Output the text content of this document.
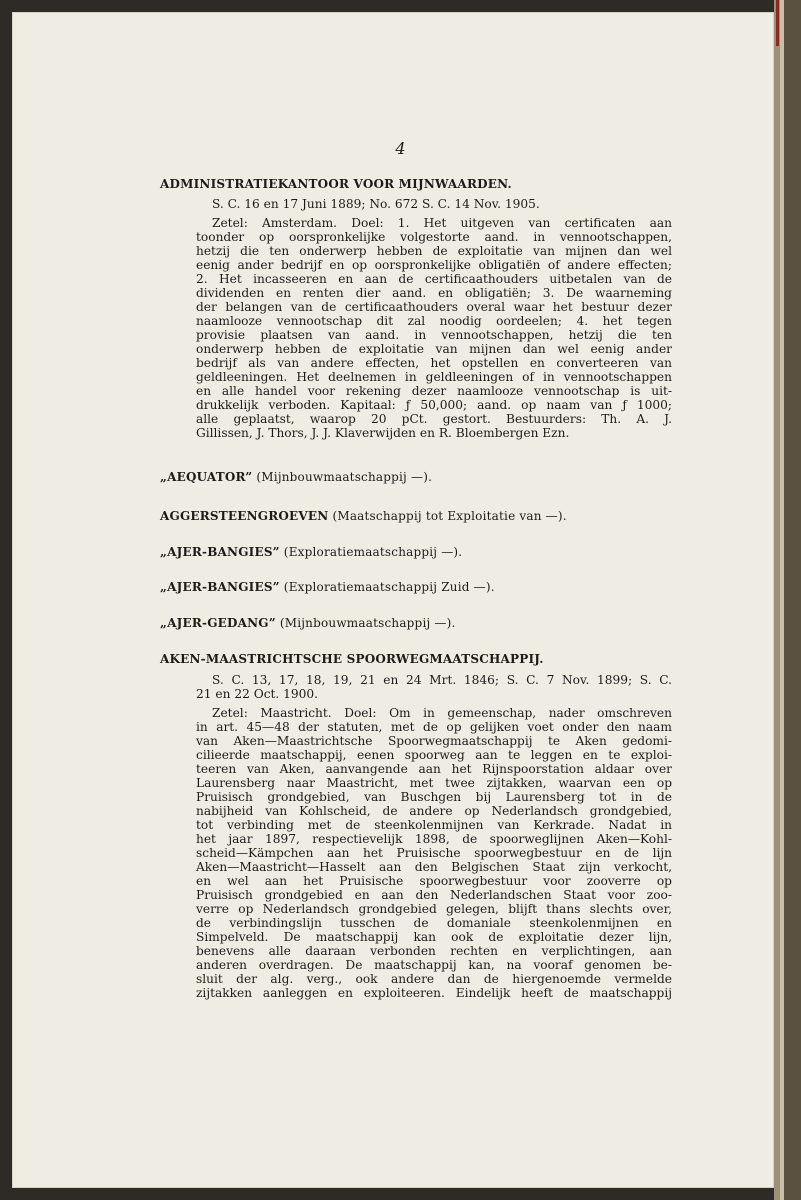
4
ADMINISTRATIEKANTOOR VOOR MIJNWAARDEN.
S. C. 16 en 17 Juni 1889; No. 672 S. C. 14 Nov. 1905.
Zetel: Amsterdam. Doel: 1. Het uitgeven van certificaten aan
toonder op oorspronkelijke volgestorte aand. in vennootschappen,
hetzij die ten onderwerp hebben de exploitatie van mijnen dan wel
eenig ander bedrijf en op oorspronkelijke obligatiën of andere effecten;
2. Het incasseeren en aan de certificaathouders uitbetalen van de
dividenden en renten dier aand. en obligatiën; 3. De waarneming
der belangen van de certificaathouders overal waar het bestuur dezer
naamlooze vennootschap dit zal noodig oordeelen; 4. het tegen
provisie plaatsen van aand. in vennootschappen, hetzij die ten
onderwerp hebben de exploitatie van mijnen dan wel eenig ander
bedrijf als van andere effecten, het opstellen en converteeren van
geldleeningen. Het deelnemen in geldleeningen of in vennootschappen
en alle handel voor rekening dezer naamlooze vennootschap is uit-
drukkelijk verboden. Kapitaal: ƒ 50,000; aand. op naam van ƒ 1000;
alle geplaatst, waarop 20 pCt. gestort. Bestuurders: Th. A. J.
Gillissen, J. Thors, J. J. Klaverwijden en R. Bloembergen Ezn.
„AEQUATOR” (Mijnbouwmaatschappij —).
AGGERSTEENGROEVEN (Maatschappij tot Exploitatie van —).
„AJER-BANGIES” (Exploratiemaatschappij —).
„AJER-BANGIES” (Exploratiemaatschappij Zuid —).
„AJER-GEDANG” (Mijnbouwmaatschappij —).
AKEN-MAASTRICHTSCHE SPOORWEGMAATSCHAPPIJ.
S. C. 13, 17, 18, 19, 21 en 24 Mrt. 1846; S. C. 7 Nov. 1899; S. C.
21 en 22 Oct. 1900.
Zetel: Maastricht. Doel: Om in gemeenschap, nader omschreven
in art. 45—48 der statuten, met de op gelijken voet onder den naam
van Aken—Maastrichtsche Spoorwegmaatschappij te Aken gedomi-
cilieerde maatschappij, eenen spoorweg aan te leggen en te exploi-
teeren van Aken, aanvangende aan het Rijnspoorstation aldaar over
Laurensberg naar Maastricht, met twee zijtakken, waarvan een op
Pruisisch grondgebied, van Buschgen bij Laurensberg tot in de
nabijheid van Kohlscheid, de andere op Nederlandsch grondgebied,
tot verbinding met de steenkolenmijnen van Kerkrade. Nadat in
het jaar 1897, respectievelijk 1898, de spoorweglijnen Aken—Kohl-
scheid—Kämpchen aan het Pruisische spoorwegbestuur en de lijn
Aken—Maastricht—Hasselt aan den Belgischen Staat zijn verkocht,
en wel aan het Pruisische spoorwegbestuur voor zooverre op
Pruisisch grondgebied en aan den Nederlandschen Staat voor zoo-
verre op Nederlandsch grondgebied gelegen, blijft thans slechts over,
de verbindingslijn tusschen de domaniale steenkolenmijnen en
Simpelveld. De maatschappij kan ook de exploitatie dezer lijn,
benevens alle daaraan verbonden rechten en verplichtingen, aan
anderen overdragen. De maatschappij kan, na vooraf genomen be-
sluit der alg. verg., ook andere dan de hiergenoemde vermelde
zijtakken aanleggen en exploiteeren. Eindelijk heeft de maatschappij
